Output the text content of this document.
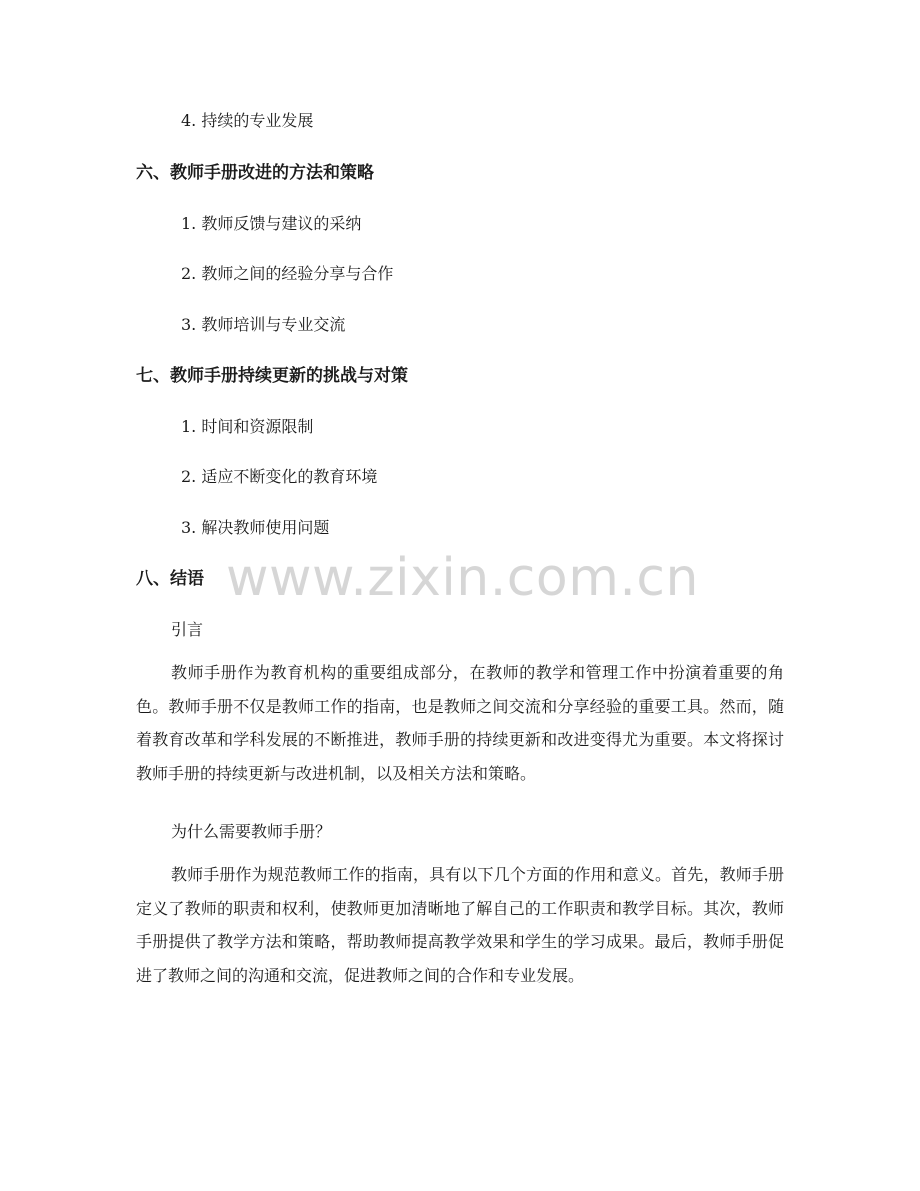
4. 持续的专业发展
六、教师手册改进的方法和策略
1. 教师反馈与建议的采纳
2. 教师之间的经验分享与合作
3. 教师培训与专业交流
七、教师手册持续更新的挑战与对策
1. 时间和资源限制
2. 适应不断变化的教育环境
3. 解决教师使用问题
八、结语 www.zixin.com.cn
引言

教师手册作为教育机构的重要组成部分，在教师的教学和管理工作中扮演着重要的角色。教师手册不仅是教师工作的指南，也是教师之间交流和分享经验的重要工具。然而，随着教育改革和学科发展的不断推进，教师手册的持续更新和改进变得尤为重要。本文将探讨教师手册的持续更新与改进机制，以及相关方法和策略。

为什么需要教师手册？

教师手册作为规范教师工作的指南，具有以下几个方面的作用和意义。首先，教师手册定义了教师的职责和权利，使教师更加清晰地了解自己的工作职责和教学目标。其次，教师手册提供了教学方法和策略，帮助教师提高教学效果和学生的学习成果。最后，教师手册促进了教师之间的沟通和交流，促进教师之间的合作和专业发展。
